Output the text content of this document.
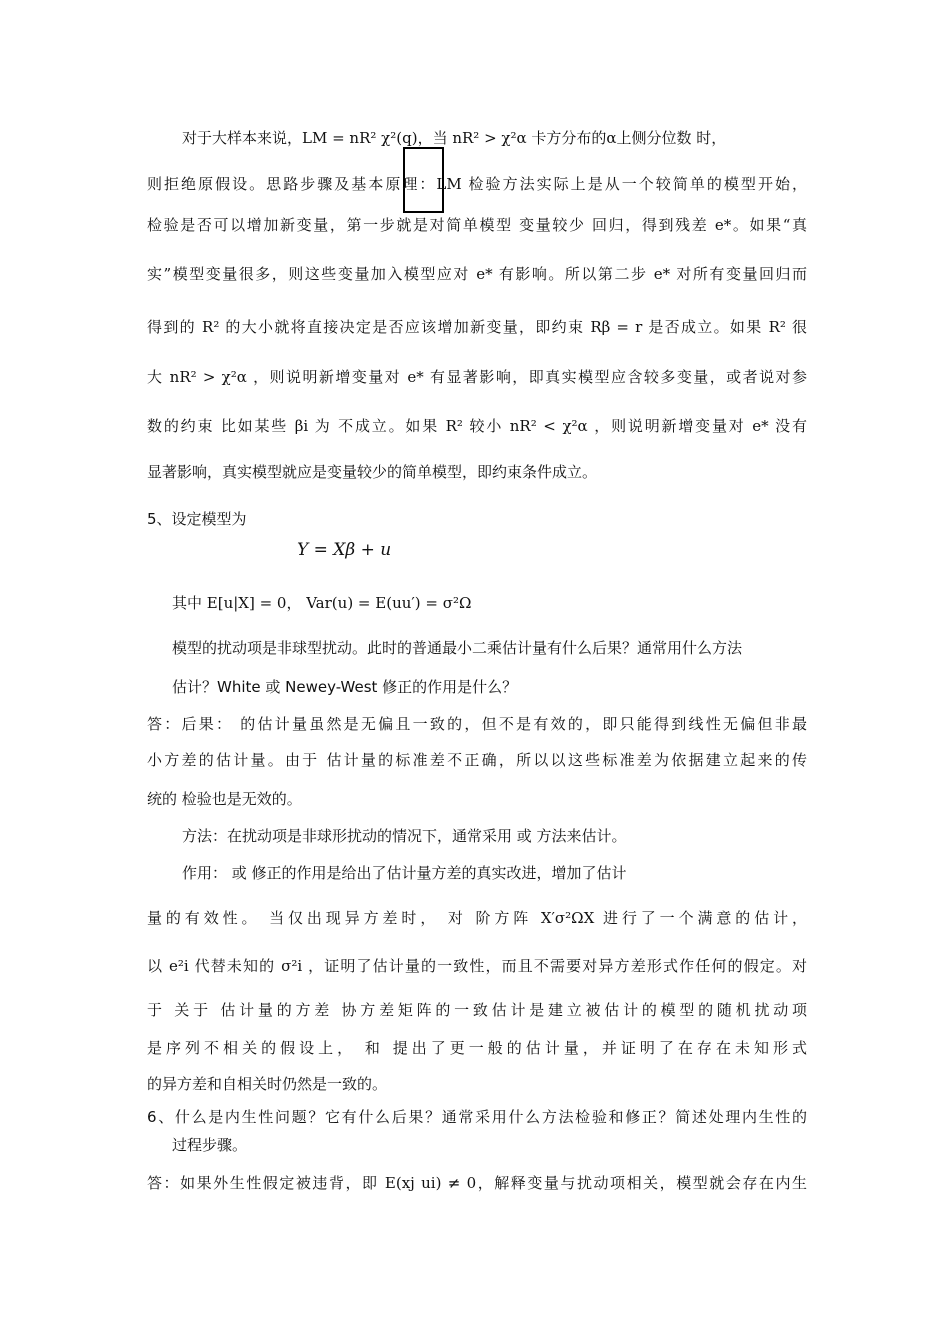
对于大样本来说，LM = nR² χ²(q)，当 nR² > χ²α 卡方分布的α上侧分位数 时，
则拒绝原假设。思路步骤及基本原理：LM 检验方法实际上是从一个较简单的模型开始，
检验是否可以增加新变量，第一步就是对简单模型 变量较少 回归，得到残差 e*。如果“真
实”模型变量很多，则这些变量加入模型应对 e* 有影响。所以第二步 e* 对所有变量回归而
得到的 R² 的大小就将直接决定是否应该增加新变量，即约束 Rβ = r 是否成立。如果 R² 很
大 nR² > χ²α ，则说明新增变量对 e* 有显著影响，即真实模型应含较多变量，或者说对参
数的约束 比如某些 βi 为 不成立。如果 R² 较小 nR² < χ²α ，则说明新增变量对 e* 没有
显著影响，真实模型就应是变量较少的简单模型，即约束条件成立。
5、设定模型为
Y = Xβ + u
其中 E[u|X] = 0， Var(u) = E(uu′) = σ²Ω
模型的扰动项是非球型扰动。此时的普通最小二乘估计量有什么后果？通常用什么方法
估计？White 或 Newey-West 修正的作用是什么？
答：后果： 的估计量虽然是无偏且一致的，但不是有效的，即只能得到线性无偏但非最
小方差的估计量。由于 估计量的标准差不正确，所以以这些标准差为依据建立起来的传
统的 检验也是无效的。
方法：在扰动项是非球形扰动的情况下，通常采用 或 方法来估计。
作用： 或 修正的作用是给出了估计量方差的真实改进，增加了估计
量的有效性。 当仅出现异方差时， 对 阶方阵 X′σ²ΩX 进行了一个满意的估计，
以 e²i 代替未知的 σ²i ，证明了估计量的一致性，而且不需要对异方差形式作任何的假定。对
于 关于 估计量的方差 协方差矩阵的一致估计是建立被估计的模型的随机扰动项
是序列不相关的假设上， 和 提出了更一般的估计量，并证明了在存在未知形式
的异方差和自相关时仍然是一致的。
6、什么是内生性问题？它有什么后果？通常采用什么方法检验和修正？简述处理内生性的
过程步骤。
答：如果外生性假定被违背，即 E(xj ui) ≠ 0，解释变量与扰动项相关，模型就会存在内生
